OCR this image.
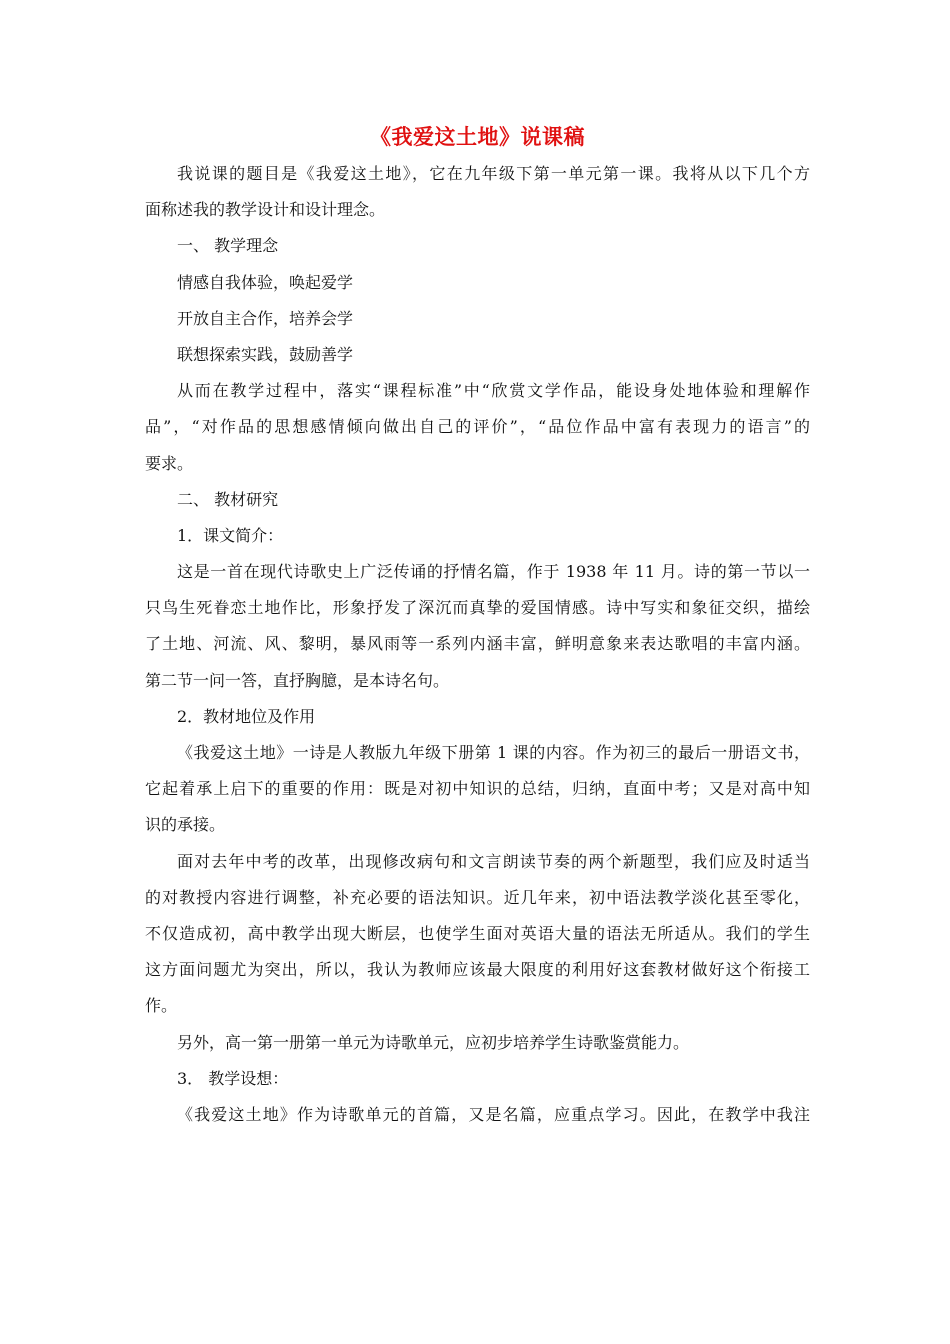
《我爱这土地》说课稿
我说课的题目是《我爱这土地》，它在九年级下第一单元第一课。我将从以下几个方
面称述我的教学设计和设计理念。
一、 教学理念
情感自我体验，唤起爱学
开放自主合作，培养会学
联想探索实践，鼓励善学
从而在教学过程中，落实“课程标准”中“欣赏文学作品，能设身处地体验和理解作
品”，“对作品的思想感情倾向做出自己的评价”，“品位作品中富有表现力的语言”的
要求。
二、 教材研究
1．课文简介：
这是一首在现代诗歌史上广泛传诵的抒情名篇，作于 1938 年 11 月。诗的第一节以一
只鸟生死眷恋土地作比，形象抒发了深沉而真挚的爱国情感。诗中写实和象征交织，描绘
了土地、河流、风、黎明，暴风雨等一系列内涵丰富，鲜明意象来表达歌唱的丰富内涵。
第二节一问一答，直抒胸臆，是本诗名句。
2．教材地位及作用
《我爱这土地》一诗是人教版九年级下册第 1 课的内容。作为初三的最后一册语文书，
它起着承上启下的重要的作用：既是对初中知识的总结，归纳，直面中考；又是对高中知
识的承接。
面对去年中考的改革，出现修改病句和文言朗读节奏的两个新题型，我们应及时适当
的对教授内容进行调整，补充必要的语法知识。近几年来，初中语法教学淡化甚至零化，
不仅造成初，高中教学出现大断层，也使学生面对英语大量的语法无所适从。我们的学生
这方面问题尤为突出，所以，我认为教师应该最大限度的利用好这套教材做好这个衔接工
作。
另外，高一第一册第一单元为诗歌单元，应初步培养学生诗歌鉴赏能力。
3． 教学设想：
《我爱这土地》作为诗歌单元的首篇，又是名篇，应重点学习。因此，在教学中我注
